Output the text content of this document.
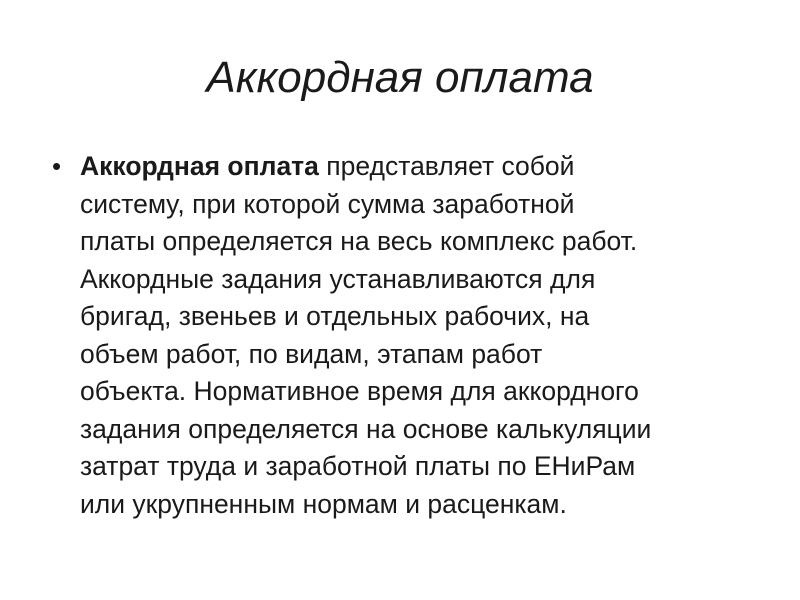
Аккордная оплата
• Аккордная оплата представляет собой
системy, при которой сумма заработной
платы определяется на весь комплекс работ.
Аккордные задания устанавливаются для
бригад, звеньев и отдельных рабочих, на
объем работ, по видам, этапам работ
объекта. Нормативное время для аккордного
задания определяется на основе калькуляции
затрат труда и заработной платы по ЕНиРам
или укрупненным нормам и расценкам.
